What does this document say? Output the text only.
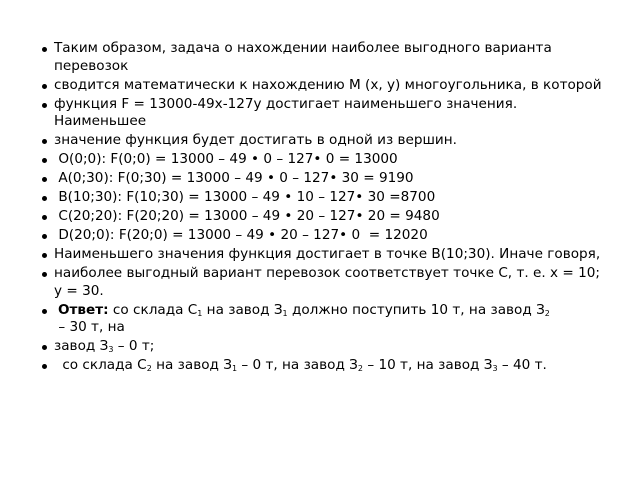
Таким образом, задача о нахождении наиболее выгодного варианта перевозок
сводится математически к нахождению М (x, y) многоугольника, в которой
функция F = 13000-49x-127y достигает наименьшего значения. Наименьшее
значение функция будет достигать в одной из вершин.
О(0;0): F(0;0) = 13000 – 49 • 0 – 127• 0 = 13000
А(0;30): F(0;30) = 13000 – 49 • 0 – 127• 30 = 9190
В(10;30): F(10;30) = 13000 – 49 • 10 – 127• 30 =8700
С(20;20): F(20;20) = 13000 – 49 • 20 – 127• 20 = 9480
D(20;0): F(20;0) = 13000 – 49 • 20 – 127• 0  = 12020
Наименьшего значения функция достигает в точке В(10;30). Иначе говоря,
наиболее выгодный вариант перевозок соответствует точке С, т. е. x = 10; y = 30.
Ответ: со склада $С_1$ на завод $З_1$ должно поступить 10 т, на завод $З_2 - 30$ т, на
завод $З_3 - 0$ т;
со склада $С_2$ на завод $З_1 - 0$ т, на завод $З_2 - 10$ т, на завод $З_3 - 40$ т.
